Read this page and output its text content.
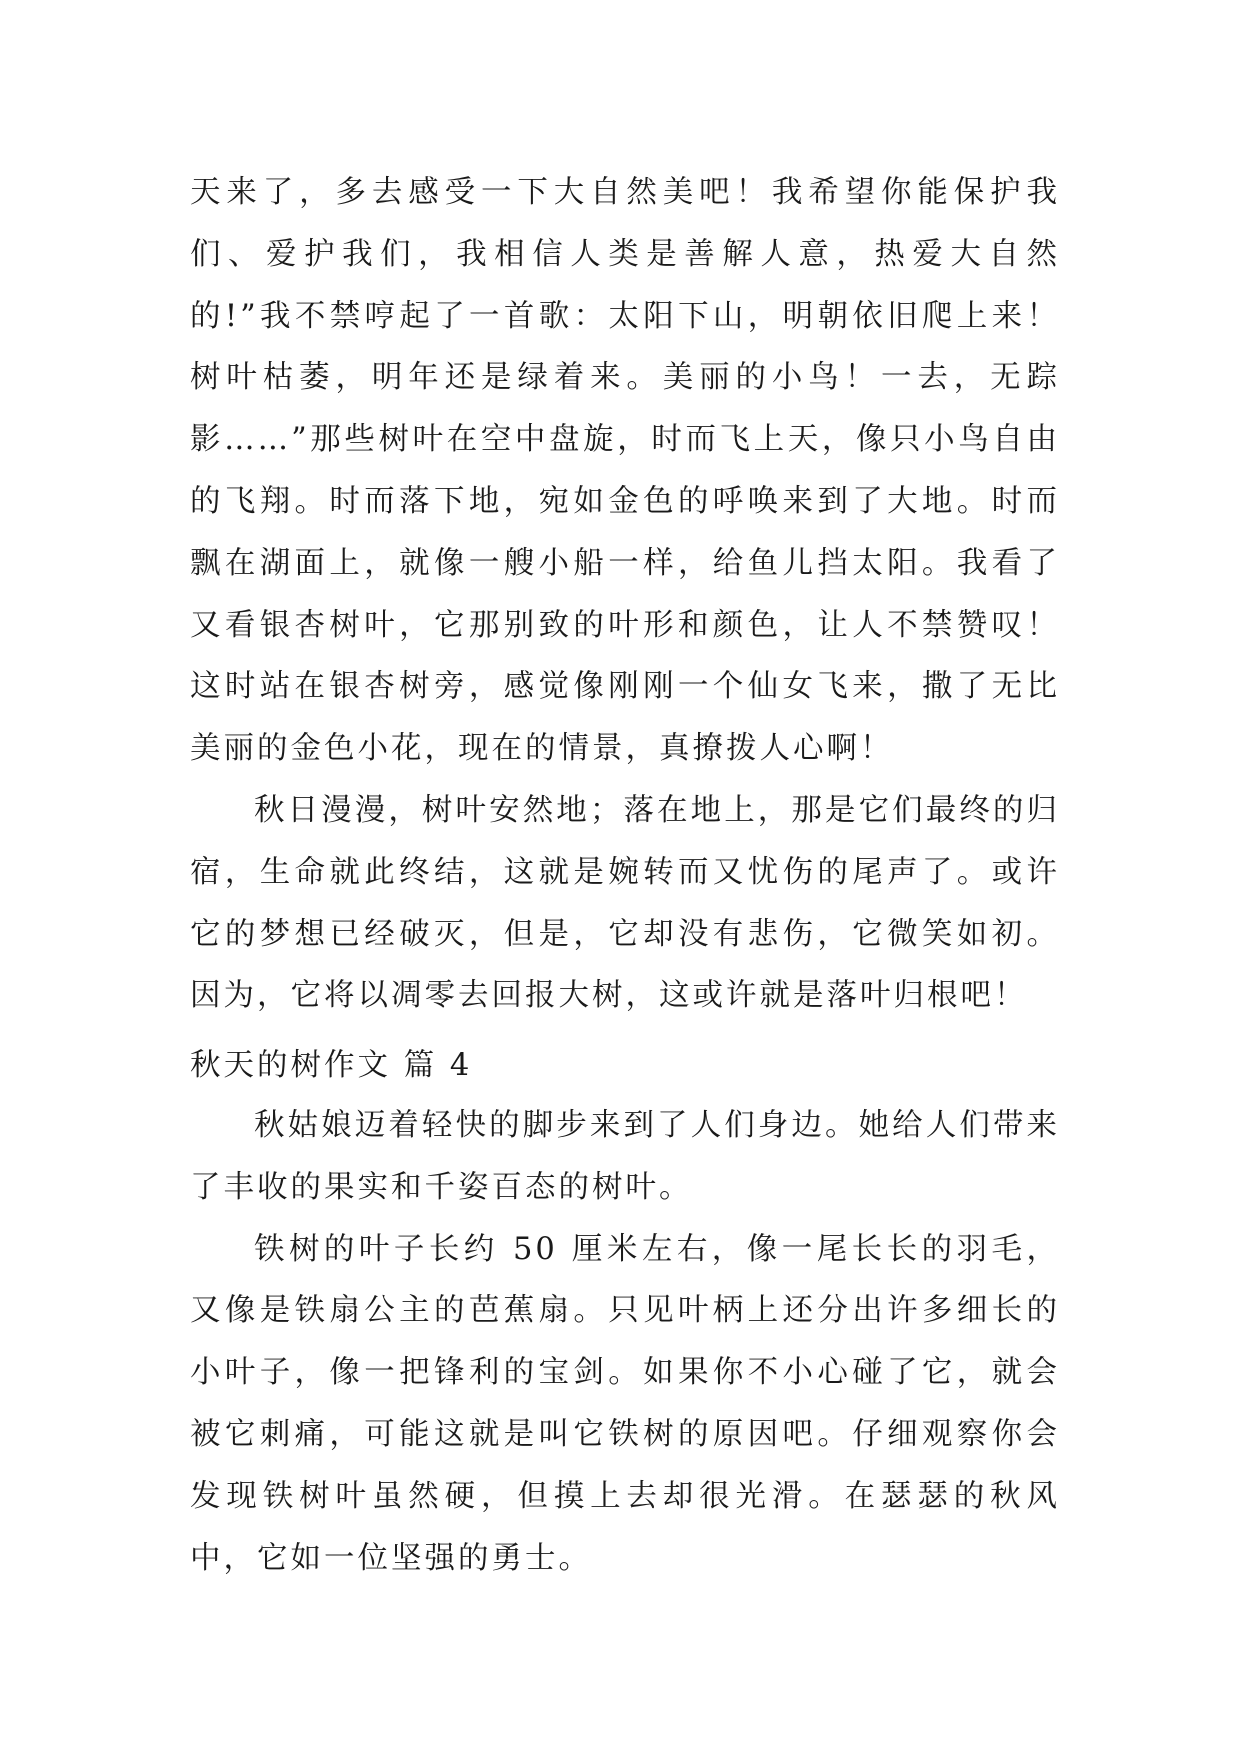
天来了，多去感受一下大自然美吧！我希望你能保护我们、爱护我们，我相信人类是善解人意，热爱大自然的!”我不禁哼起了一首歌：太阳下山，明朝依旧爬上来！树叶枯萎，明年还是绿着来。美丽的小鸟！一去，无踪影……”那些树叶在空中盘旋，时而飞上天，像只小鸟自由的飞翔。时而落下地，宛如金色的呼唤来到了大地。时而飘在湖面上，就像一艘小船一样，给鱼儿挡太阳。我看了又看银杏树叶，它那别致的叶形和颜色，让人不禁赞叹！这时站在银杏树旁，感觉像刚刚一个仙女飞来，撒了无比美丽的金色小花，现在的情景，真撩拨人心啊！

秋日漫漫，树叶安然地；落在地上，那是它们最终的归宿，生命就此终结，这就是婉转而又忧伤的尾声了。或许它的梦想已经破灭，但是，它却没有悲伤，它微笑如初。因为，它将以凋零去回报大树，这或许就是落叶归根吧！

秋天的树作文 篇 4

秋姑娘迈着轻快的脚步来到了人们身边。她给人们带来了丰收的果实和千姿百态的树叶。

铁树的叶子长约 50 厘米左右，像一尾长长的羽毛，又像是铁扇公主的芭蕉扇。只见叶柄上还分出许多细长的小叶子，像一把锋利的宝剑。如果你不小心碰了它，就会被它刺痛，可能这就是叫它铁树的原因吧。仔细观察你会发现铁树叶虽然硬，但摸上去却很光滑。在瑟瑟的秋风中，它如一位坚强的勇士。
